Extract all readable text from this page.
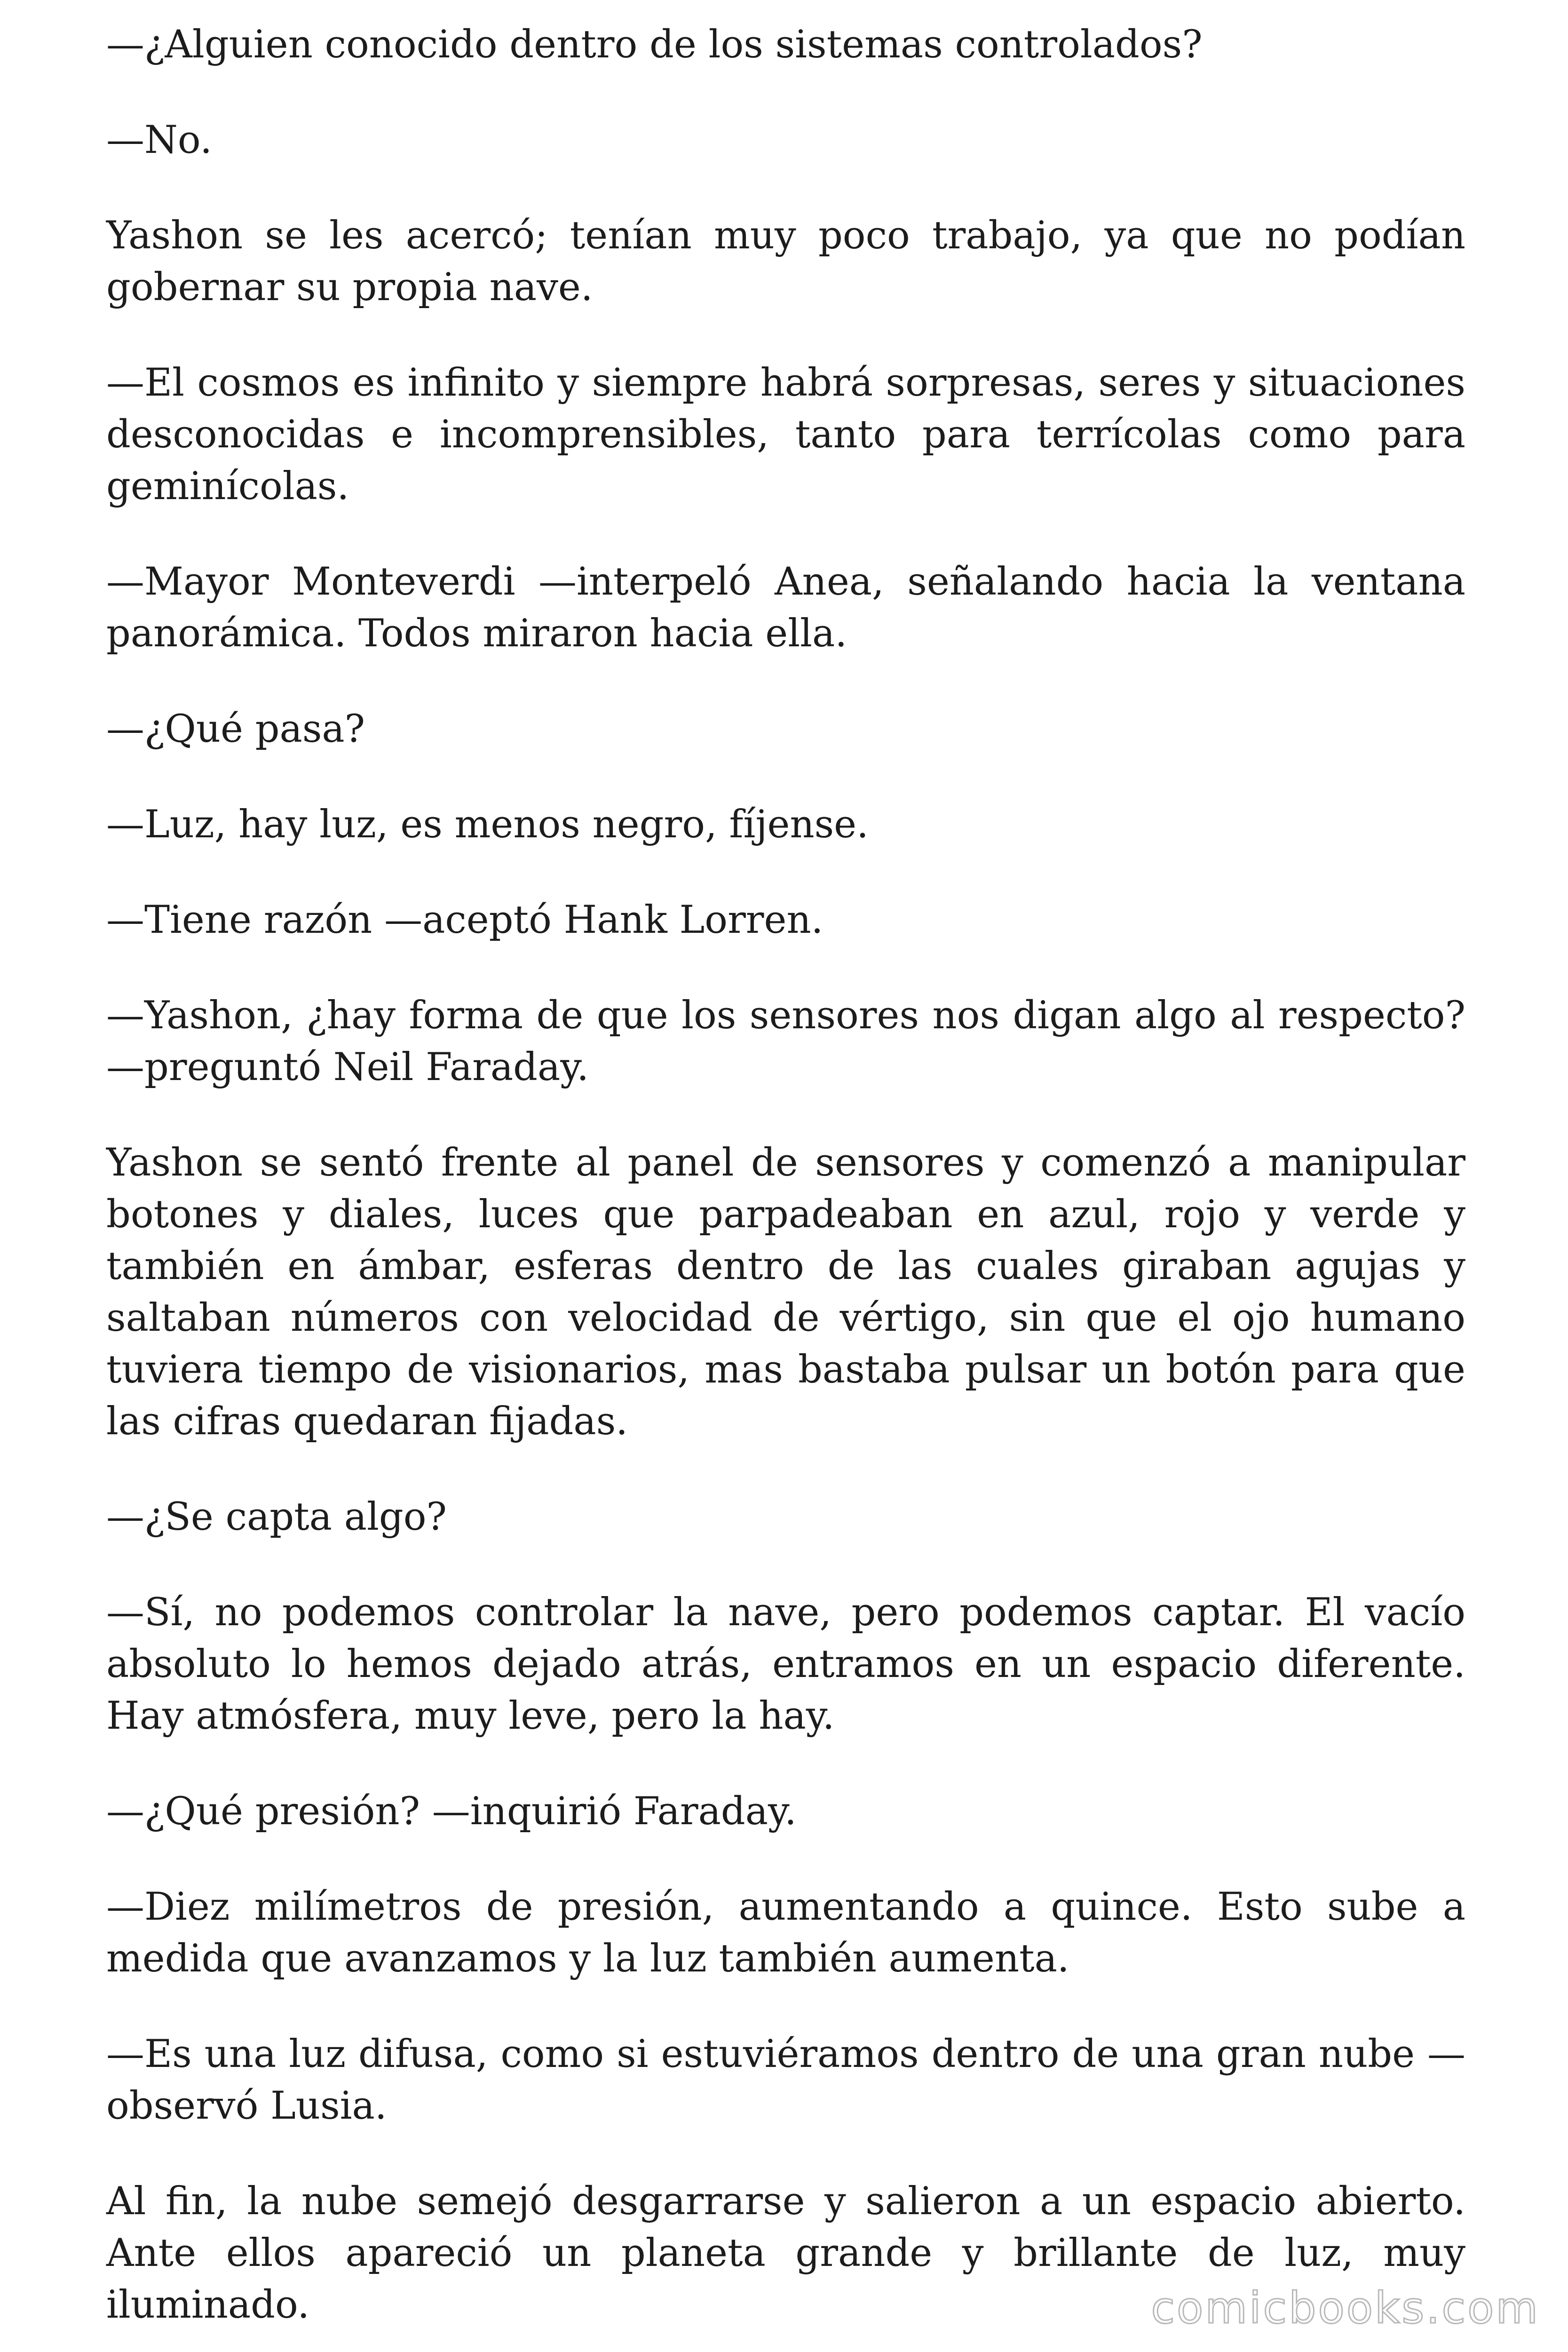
—¿Alguien conocido dentro de los sistemas controlados?

—No.

Yashon se les acercó; tenían muy poco trabajo, ya que no podían gobernar su propia nave.

—El cosmos es infinito y siempre habrá sorpresas, seres y situaciones desconocidas e incomprensibles, tanto para terrícolas como para geminícolas.

—Mayor Monteverdi —interpeló Anea, señalando hacia la ventana panorámica. Todos miraron hacia ella.

—¿Qué pasa?

—Luz, hay luz, es menos negro, fíjense.

—Tiene razón —aceptó Hank Lorren.

—Yashon, ¿hay forma de que los sensores nos digan algo al respecto? —preguntó Neil Faraday.

Yashon se sentó frente al panel de sensores y comenzó a manipular botones y diales, luces que parpadeaban en azul, rojo y verde y también en ámbar, esferas dentro de las cuales giraban agujas y saltaban números con velocidad de vértigo, sin que el ojo humano tuviera tiempo de visionarios, mas bastaba pulsar un botón para que las cifras quedaran fijadas.

—¿Se capta algo?

—Sí, no podemos controlar la nave, pero podemos captar. El vacío absoluto lo hemos dejado atrás, entramos en un espacio diferente. Hay atmósfera, muy leve, pero la hay.

—¿Qué presión? —inquirió Faraday.

—Diez milímetros de presión, aumentando a quince. Esto sube a medida que avanzamos y la luz también aumenta.

—Es una luz difusa, como si estuviéramos dentro de una gran nube —observó Lusia.

Al fin, la nube semejó desgarrarse y salieron a un espacio abierto. Ante ellos apareció un planeta grande y brillante de luz, muy iluminado.	comicbooks.com
